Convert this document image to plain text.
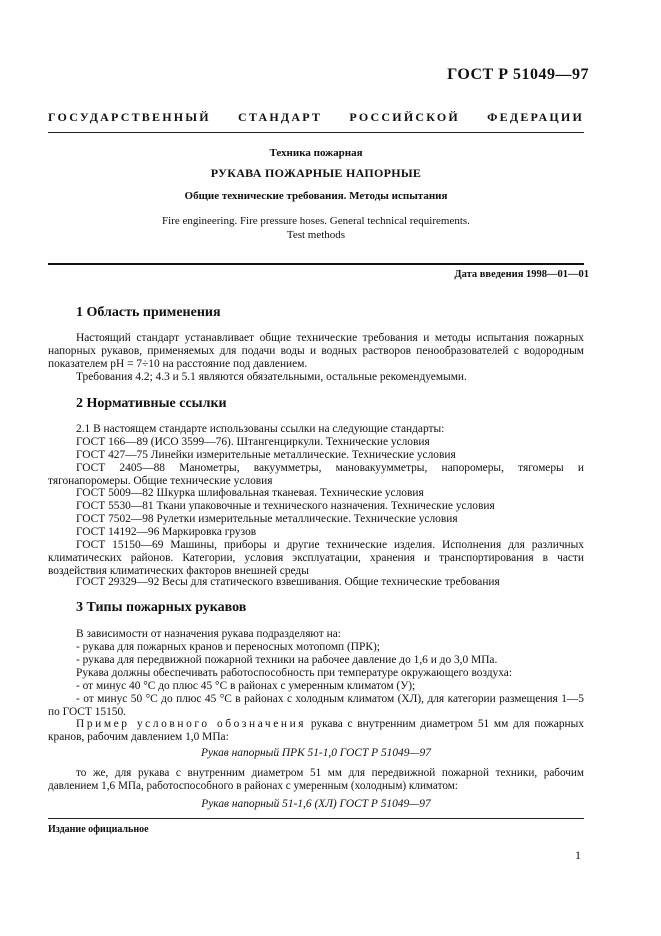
ГОСТ Р 51049—97
ГОСУДАРСТВЕННЫЙ СТАНДАРТ РОССИЙСКОЙ ФЕДЕРАЦИИ
Техника пожарная
РУКАВА ПОЖАРНЫЕ НАПОРНЫЕ
Общие технические требования. Методы испытания
Fire engineering. Fire pressure hoses. General technical requirements.
Test methods
Дата введения 1998—01—01
1 Область применения
Настоящий стандарт устанавливает общие технические требования и методы испытания пожарных напорных рукавов, применяемых для подачи воды и водных растворов пенообразователей с водородным показателем рН = 7÷10 на расстояние под давлением.
Требования 4.2; 4.3 и 5.1 являются обязательными, остальные рекомендуемыми.
2 Нормативные ссылки
2.1 В настоящем стандарте использованы ссылки на следующие стандарты:
ГОСТ 166—89 (ИСО 3599—76). Штангенциркули. Технические условия
ГОСТ 427—75 Линейки измерительные металлические. Технические условия
ГОСТ 2405—88 Манометры, вакуумметры, мановакуумметры, напоромеры, тягомеры и тягонапоромеры. Общие технические условия
ГОСТ 5009—82 Шкурка шлифовальная тканевая. Технические условия
ГОСТ 5530—81 Ткани упаковочные и технического назначения. Технические условия
ГОСТ 7502—98 Рулетки измерительные металлические. Технические условия
ГОСТ 14192—96 Маркировка грузов
ГОСТ 15150—69 Машины, приборы и другие технические изделия. Исполнения для различных климатических районов. Категории, условия эксплуатации, хранения и транспортирования в части воздействия климатических факторов внешней среды
ГОСТ 29329—92 Весы для статического взвешивания. Общие технические требования
3 Типы пожарных рукавов
В зависимости от назначения рукава подразделяют на:
- рукава для пожарных кранов и переносных мотопомп (ПРК);
- рукава для передвижной пожарной техники на рабочее давление до 1,6 и до 3,0 МПа.
Рукава должны обеспечивать работоспособность при температуре окружающего воздуха:
- от минус 40 °С до плюс 45 °С в районах с умеренным климатом (У);
- от минус 50 °С до плюс 45 °С в районах с холодным климатом (ХЛ), для категории размещения 1—5 по ГОСТ 15150.
Пример условного обозначения рукава с внутренним диаметром 51 мм для пожарных кранов, рабочим давлением 1,0 МПа:
Рукав напорный ПРК 51-1,0 ГОСТ Р 51049—97
то же, для рукава с внутренним диаметром 51 мм для передвижной пожарной техники, рабочим давлением 1,6 МПа, работоспособного в районах с умеренным (холодным) климатом:
Издание официальное
1
Рукав напорный 51-1,6 (ХЛ) ГОСТ Р 51049—97
